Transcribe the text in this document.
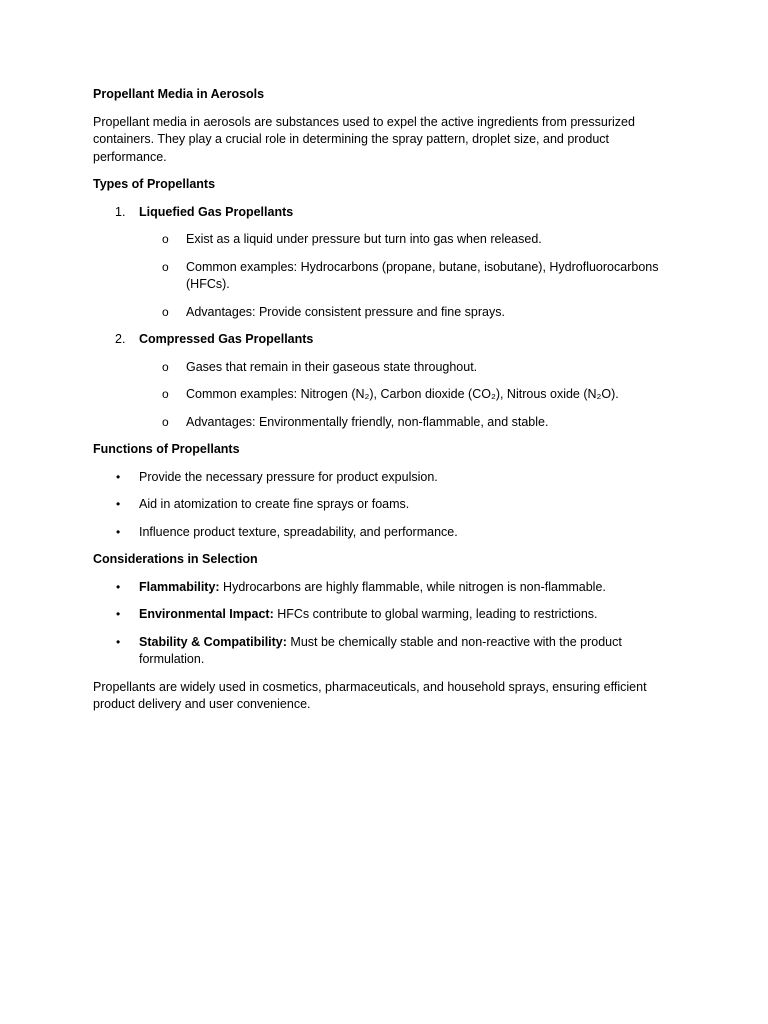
Propellant Media in Aerosols

Propellant media in aerosols are substances used to expel the active ingredients from pressurized containers. They play a crucial role in determining the spray pattern, droplet size, and product performance.

Types of Propellants

1.	Liquefied Gas Propellants
o Exist as a liquid under pressure but turn into gas when released.
o Common examples: Hydrocarbons (propane, butane, isobutane), Hydrofluorocarbons (HFCs).
o Advantages: Provide consistent pressure and fine sprays.
2.	Compressed Gas Propellants
o Gases that remain in their gaseous state throughout.
o Common examples: Nitrogen (N₂), Carbon dioxide (CO₂), Nitrous oxide (N₂O).
o Advantages: Environmentally friendly, non-flammable, and stable.

Functions of Propellants

• Provide the necessary pressure for product expulsion.
• Aid in atomization to create fine sprays or foams.
• Influence product texture, spreadability, and performance.

Considerations in Selection

• Flammability: Hydrocarbons are highly flammable, while nitrogen is non-flammable.
• Environmental Impact: HFCs contribute to global warming, leading to restrictions.
• Stability & Compatibility: Must be chemically stable and non-reactive with the product formulation.

Propellants are widely used in cosmetics, pharmaceuticals, and household sprays, ensuring efficient product delivery and user convenience.
